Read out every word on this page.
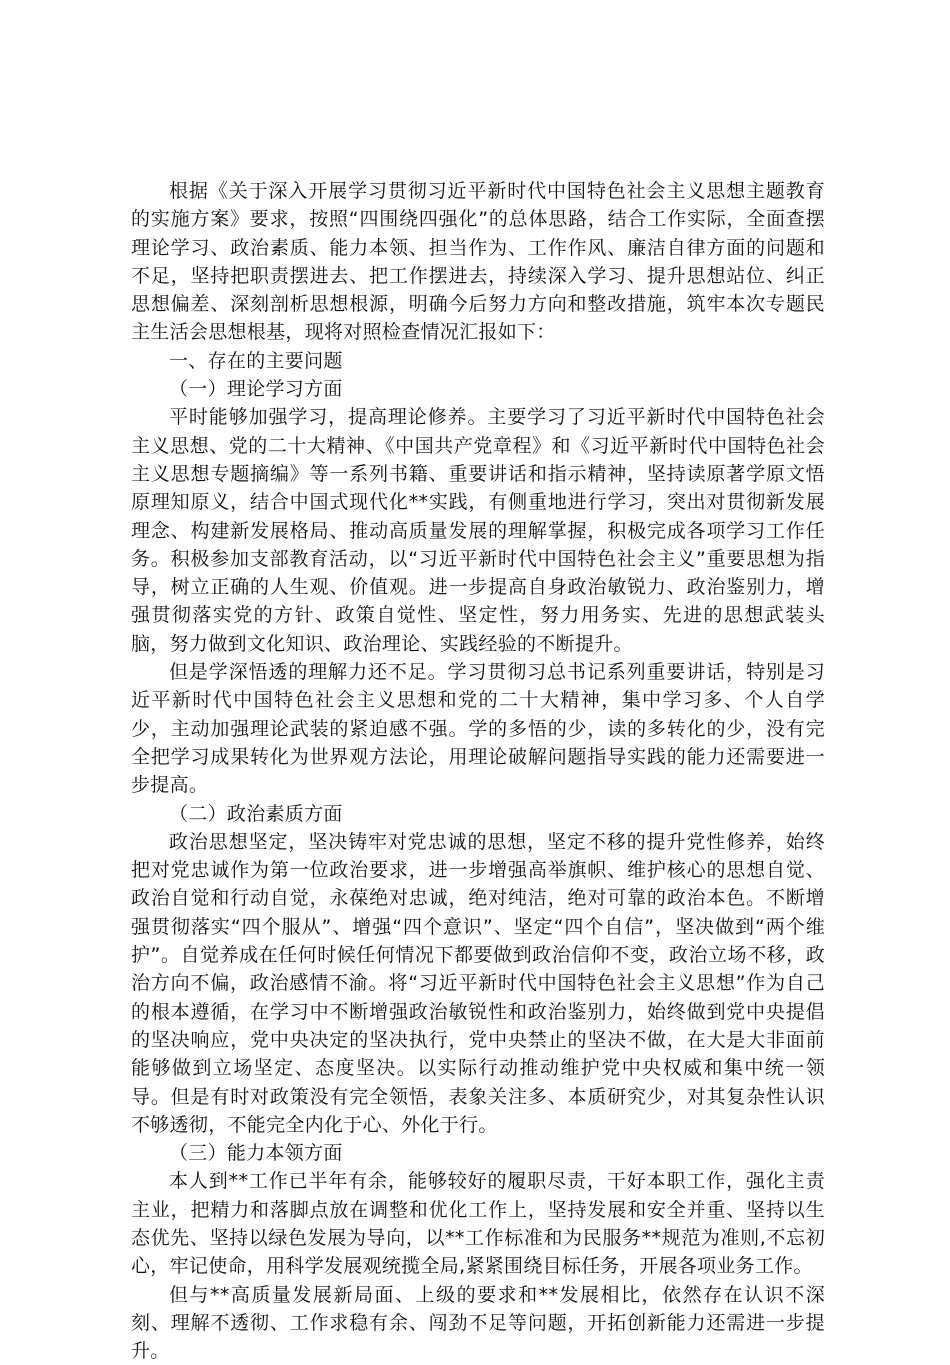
根据《关于深入开展学习贯彻习近平新时代中国特色社会主义思想主题教育的实施方案》要求，按照“四围绕四强化”的总体思路，结合工作实际，全面查摆理论学习、政治素质、能力本领、担当作为、工作作风、廉洁自律方面的问题和不足，坚持把职责摆进去、把工作摆进去，持续深入学习、提升思想站位、纠正思想偏差、深刻剖析思想根源，明确今后努力方向和整改措施，筑牢本次专题民主生活会思想根基，现将对照检查情况汇报如下：

一、存在的主要问题

（一）理论学习方面

平时能够加强学习，提高理论修养。主要学习了习近平新时代中国特色社会主义思想、党的二十大精神、《中国共产党章程》和《习近平新时代中国特色社会主义思想专题摘编》等一系列书籍、重要讲话和指示精神，坚持读原著学原文悟原理知原义，结合中国式现代化**实践，有侧重地进行学习，突出对贯彻新发展理念、构建新发展格局、推动高质量发展的理解掌握，积极完成各项学习工作任务。积极参加支部教育活动，以“习近平新时代中国特色社会主义”重要思想为指导，树立正确的人生观、价值观。进一步提高自身政治敏锐力、政治鉴别力，增强贯彻落实党的方针、政策自觉性、坚定性，努力用务实、先进的思想武装头脑，努力做到文化知识、政治理论、实践经验的不断提升。

但是学深悟透的理解力还不足。学习贯彻习总书记系列重要讲话，特别是习近平新时代中国特色社会主义思想和党的二十大精神，集中学习多、个人自学少，主动加强理论武装的紧迫感不强。学的多悟的少，读的多转化的少，没有完全把学习成果转化为世界观方法论，用理论破解问题指导实践的能力还需要进一步提高。

（二）政治素质方面

政治思想坚定，坚决铸牢对党忠诚的思想，坚定不移的提升党性修养，始终把对党忠诚作为第一位政治要求，进一步增强高举旗帜、维护核心的思想自觉、政治自觉和行动自觉，永葆绝对忠诚，绝对纯洁，绝对可靠的政治本色。不断增强贯彻落实“四个服从”、增强“四个意识”、坚定“四个自信”，坚决做到“两个维护”。自觉养成在任何时候任何情况下都要做到政治信仰不变，政治立场不移，政治方向不偏，政治感情不渝。将“习近平新时代中国特色社会主义思想”作为自己的根本遵循，在学习中不断增强政治敏锐性和政治鉴别力，始终做到党中央提倡的坚决响应，党中央决定的坚决执行，党中央禁止的坚决不做，在大是大非面前能够做到立场坚定、态度坚决。以实际行动推动维护党中央权威和集中统一领导。但是有时对政策没有完全领悟，表象关注多、本质研究少，对其复杂性认识不够透彻，不能完全内化于心、外化于行。

（三）能力本领方面

本人到**工作已半年有余，能够较好的履职尽责，干好本职工作，强化主责主业，把精力和落脚点放在调整和优化工作上，坚持发展和安全并重、坚持以生态优先、坚持以绿色发展为导向，以**工作标准和为民服务**规范为准则,不忘初心，牢记使命，用科学发展观统揽全局,紧紧围绕目标任务，开展各项业务工作。

但与**高质量发展新局面、上级的要求和**发展相比，依然存在认识不深刻、理解不透彻、工作求稳有余、闯劲不足等问题，开拓创新能力还需进一步提升。
